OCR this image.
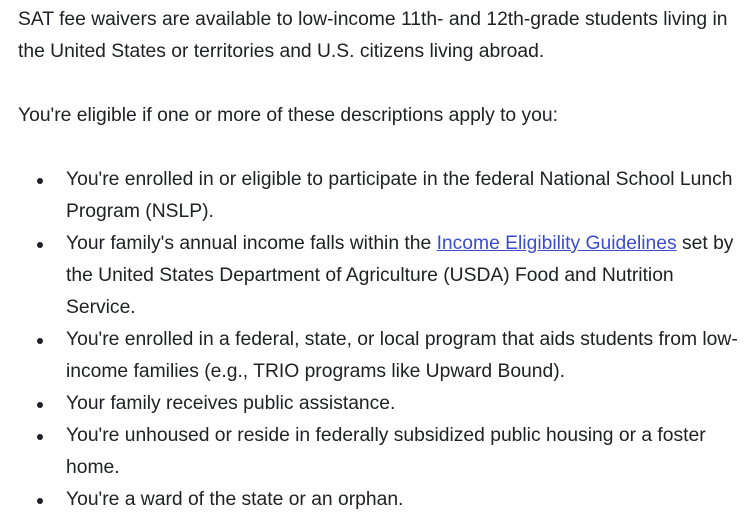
SAT fee waivers are available to low-income 11th- and 12th-grade students living in the United States or territories and U.S. citizens living abroad.

You're eligible if one or more of these descriptions apply to you:

You're enrolled in or eligible to participate in the federal National School Lunch Program (NSLP).
Your family's annual income falls within the Income Eligibility Guidelines set by the United States Department of Agriculture (USDA) Food and Nutrition Service.
You're enrolled in a federal, state, or local program that aids students from low-income families (e.g., TRIO programs like Upward Bound).
Your family receives public assistance.
You're unhoused or reside in federally subsidized public housing or a foster home.
You're a ward of the state or an orphan.
